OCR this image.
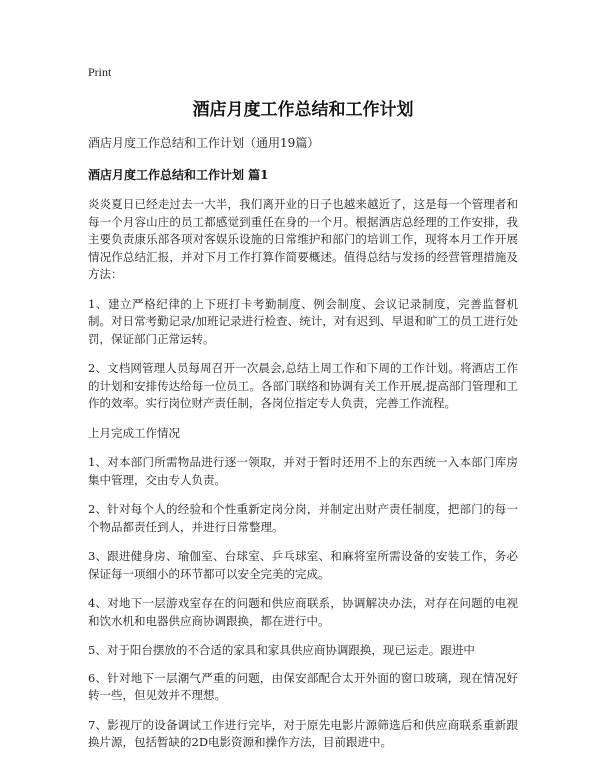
Print
酒店月度工作总结和工作计划
酒店月度工作总结和工作计划（通用19篇）
酒店月度工作总结和工作计划 篇1

炎炎夏日已经走过去一大半，我们离开业的日子也越来越近了，这是每一个管理者和每一个月容山庄的员工都感觉到重任在身的一个月。根据酒店总经理的工作安排，我主要负责康乐部各项对客娱乐设施的日常维护和部门的培训工作，现将本月工作开展情况作总结汇报，并对下月工作打算作简要概述。值得总结与发扬的经营管理措施及方法：

1、建立严格纪律的上下班打卡考勤制度、例会制度、会议记录制度，完善监督机制。对日常考勤记录/加班记录进行检查、统计，对有迟到、早退和旷工的员工进行处罚，保证部门正常运转。

2、文档网管理人员每周召开一次晨会,总结上周工作和下周的工作计划。将酒店工作的计划和安排传达给每一位员工。各部门联络和协调有关工作开展,提高部门管理和工作的效率。实行岗位财产责任制，各岗位指定专人负责，完善工作流程。

上月完成工作情况

1、对本部门所需物品进行逐一领取，并对于暂时还用不上的东西统一入本部门库房集中管理，交由专人负责。

2、针对每个人的经验和个性重新定岗分岗，并制定出财产责任制度，把部门的每一个物品都责任到人，并进行日常整理。

3、跟进健身房、瑜伽室、台球室、乒乓球室、和麻将室所需设备的安装工作，务必保证每一项细小的环节都可以安全完美的完成。

4、对地下一层游戏室存在的问题和供应商联系，协调解决办法，对存在问题的电视和饮水机和电器供应商协调跟换，都在进行中。

5、对于阳台摆放的不合适的家具和家具供应商协调跟换，现已运走。跟进中

6、针对地下一层潮气严重的问题，由保安部配合太开外面的窗口玻璃，现在情况好转一些，但见效并不理想。

7、影视厅的设备调试工作进行完毕，对于原先电影片源筛选后和供应商联系重新跟换片源，包括暂缺的2D电影资源和操作方法，目前跟进中。
